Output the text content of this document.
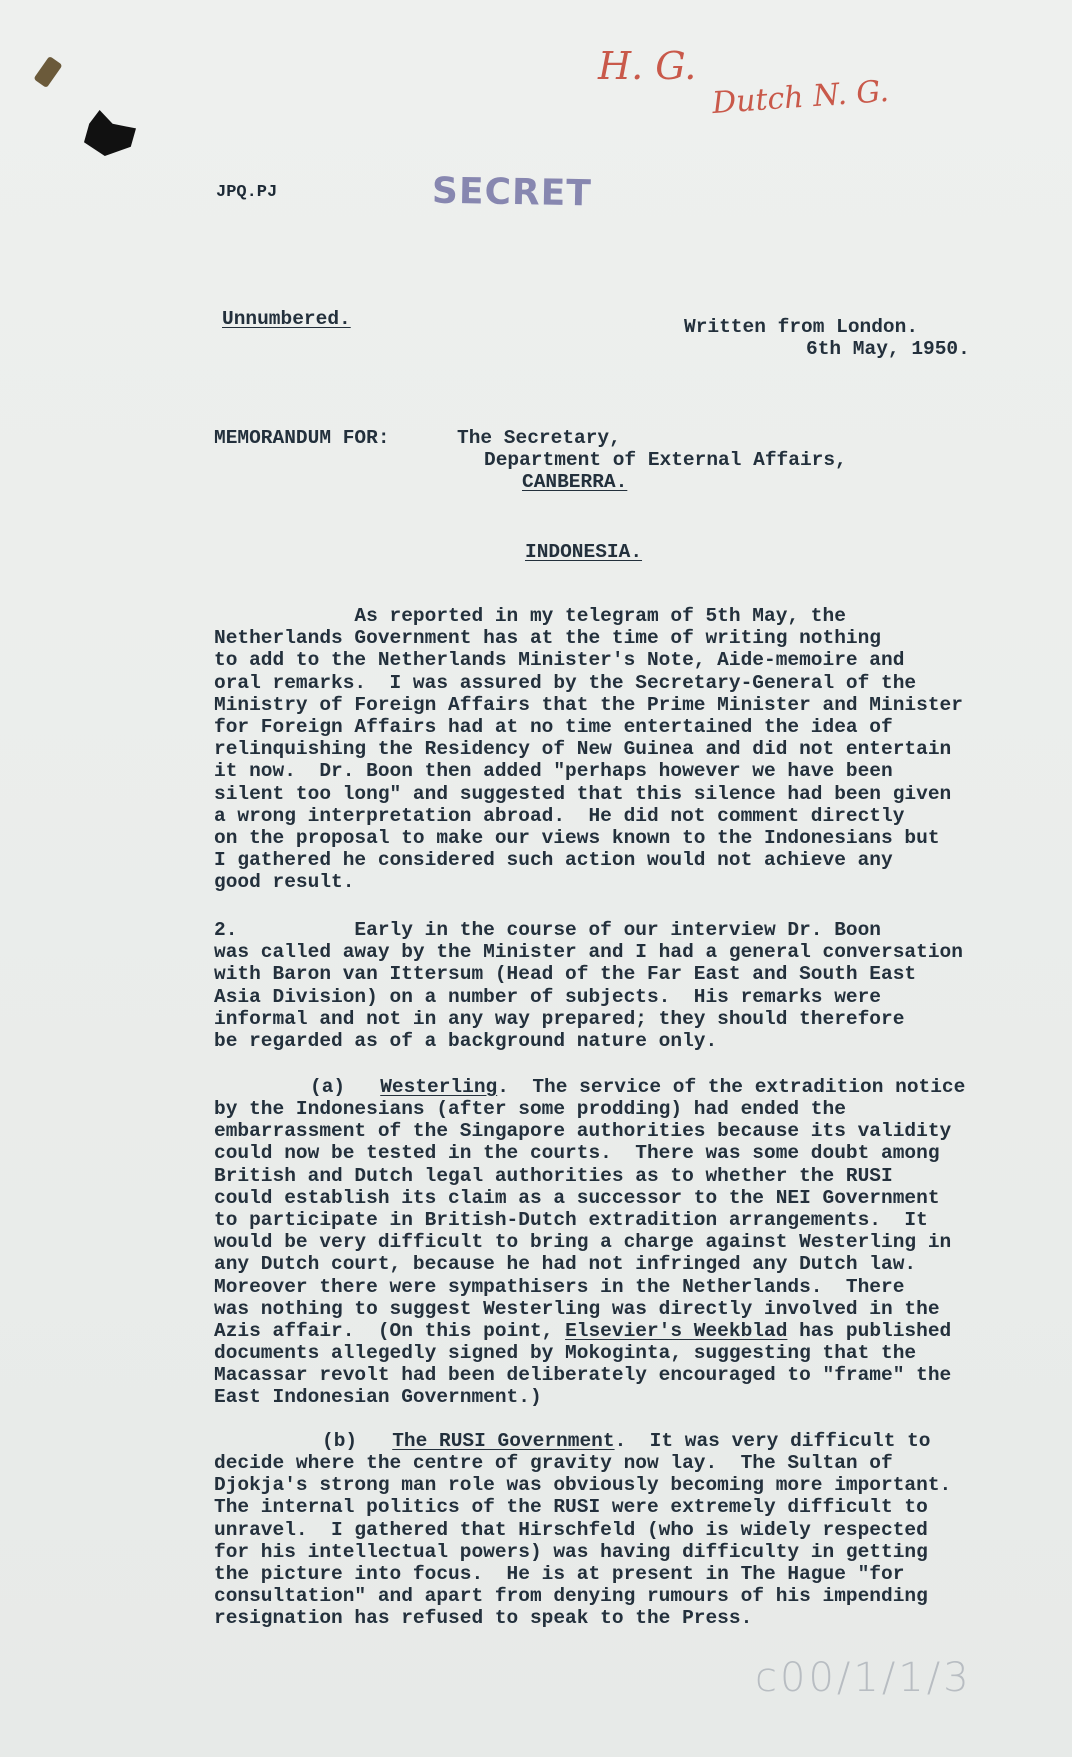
H. G.
Dutch N. G.
JPQ.PJ	SECRET
Unnumbered.	Written from London.
6th May, 1950.
MEMORANDUM FOR:	The Secretary,
Department of External Affairs,
CANBERRA.
INDONESIA.
As reported in my telegram of 5th May, the
Netherlands Government has at the time of writing nothing
to add to the Netherlands Minister's Note, Aide-memoire and
oral remarks.  I was assured by the Secretary-General of the
Ministry of Foreign Affairs that the Prime Minister and Minister
for Foreign Affairs had at no time entertained the idea of
relinquishing the Residency of New Guinea and did not entertain
it now.  Dr. Boon then added "perhaps however we have been
silent too long" and suggested that this silence had been given
a wrong interpretation abroad.  He did not comment directly
on the proposal to make our views known to the Indonesians but
I gathered he considered such action would not achieve any
good result.
2.          Early in the course of our interview Dr. Boon
was called away by the Minister and I had a general conversation
with Baron van Ittersum (Head of the Far East and South East
Asia Division) on a number of subjects.  His remarks were
informal and not in any way prepared; they should therefore
be regarded as of a background nature only.
(a) Westerling.  The service of the extradition notice
by the Indonesians (after some prodding) had ended the
embarrassment of the Singapore authorities because its validity
could now be tested in the courts.  There was some doubt among
British and Dutch legal authorities as to whether the RUSI
could establish its claim as a successor to the NEI Government
to participate in British-Dutch extradition arrangements.  It
would be very difficult to bring a charge against Westerling in
any Dutch court, because he had not infringed any Dutch law.
Moreover there were sympathisers in the Netherlands.  There
was nothing to suggest Westerling was directly involved in the
Azis affair.  (On this point, Elsevier's Weekblad has published
documents allegedly signed by Mokoginta, suggesting that the
Macassar revolt had been deliberately encouraged to "frame" the
East Indonesian Government.)
(b) The RUSI Government.  It was very difficult to
decide where the centre of gravity now lay.  The Sultan of
Djokja's strong man role was obviously becoming more important.
The internal politics of the RUSI were extremely difficult to
unravel.  I gathered that Hirschfeld (who is widely respected
for his intellectual powers) was having difficulty in getting
the picture into focus.  He is at present in The Hague "for
consultation" and apart from denying rumours of his impending
resignation has refused to speak to the Press.
c00/1/1/3
